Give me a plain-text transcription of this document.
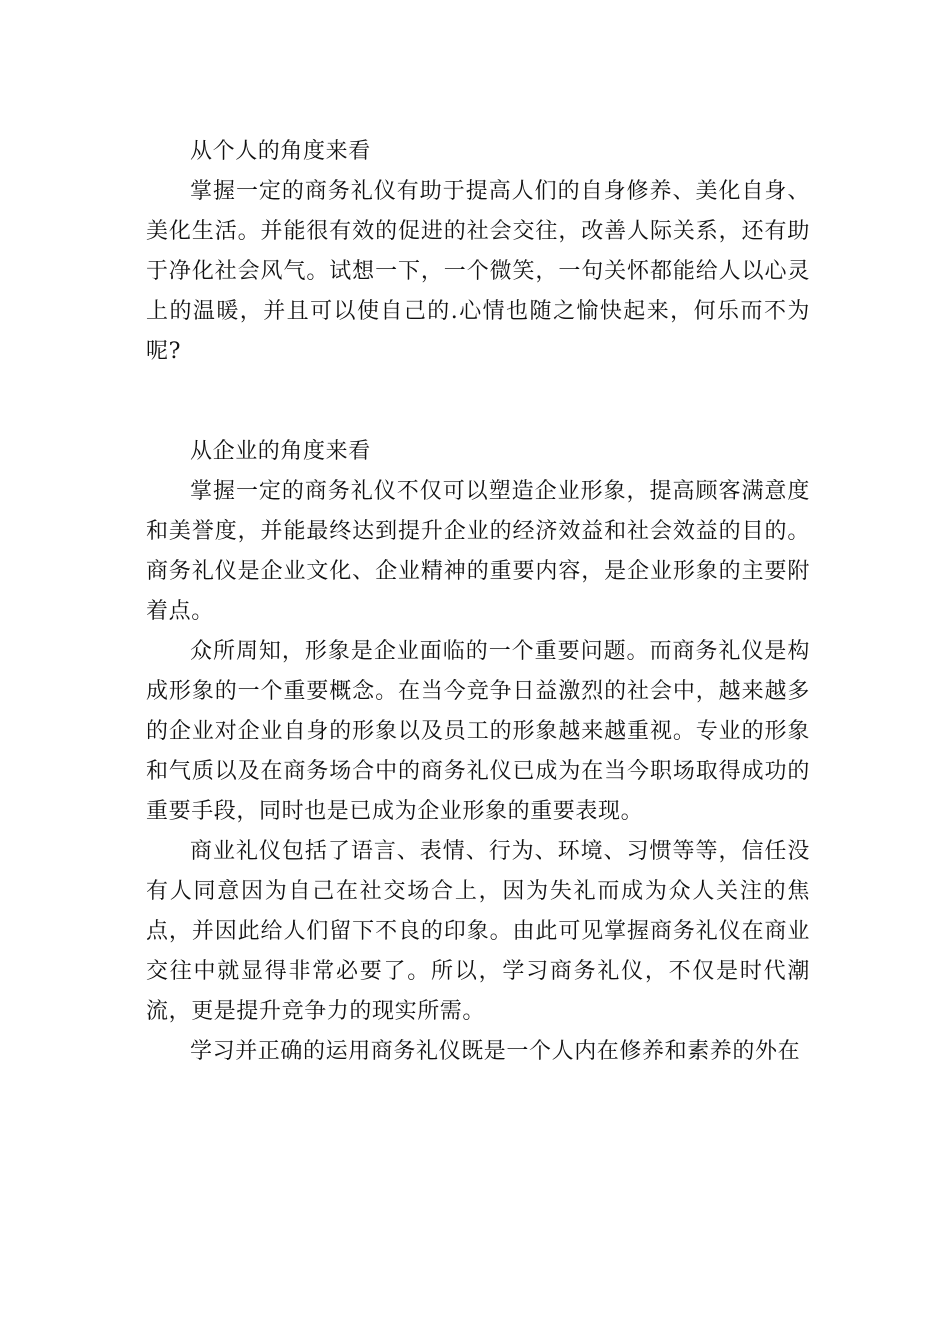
从个人的角度来看

掌握一定的商务礼仪有助于提高人们的自身修养、美化自身、美化生活。并能很有效的促进的社会交往，改善人际关系，还有助于净化社会风气。试想一下，一个微笑，一句关怀都能给人以心灵上的温暖，并且可以使自己的.心情也随之愉快起来，何乐而不为呢?

从企业的角度来看

掌握一定的商务礼仪不仅可以塑造企业形象，提高顾客满意度和美誉度，并能最终达到提升企业的经济效益和社会效益的目的。商务礼仪是企业文化、企业精神的重要内容，是企业形象的主要附着点。

众所周知，形象是企业面临的一个重要问题。而商务礼仪是构成形象的一个重要概念。在当今竞争日益激烈的社会中，越来越多的企业对企业自身的形象以及员工的形象越来越重视。专业的形象和气质以及在商务场合中的商务礼仪已成为在当今职场取得成功的重要手段，同时也是已成为企业形象的重要表现。

商业礼仪包括了语言、表情、行为、环境、习惯等等，信任没有人同意因为自己在社交场合上，因为失礼而成为众人关注的焦点，并因此给人们留下不良的印象。由此可见掌握商务礼仪在商业交往中就显得非常必要了。所以，学习商务礼仪，不仅是时代潮流，更是提升竞争力的现实所需。

学习并正确的运用商务礼仪既是一个人内在修养和素养的外在
